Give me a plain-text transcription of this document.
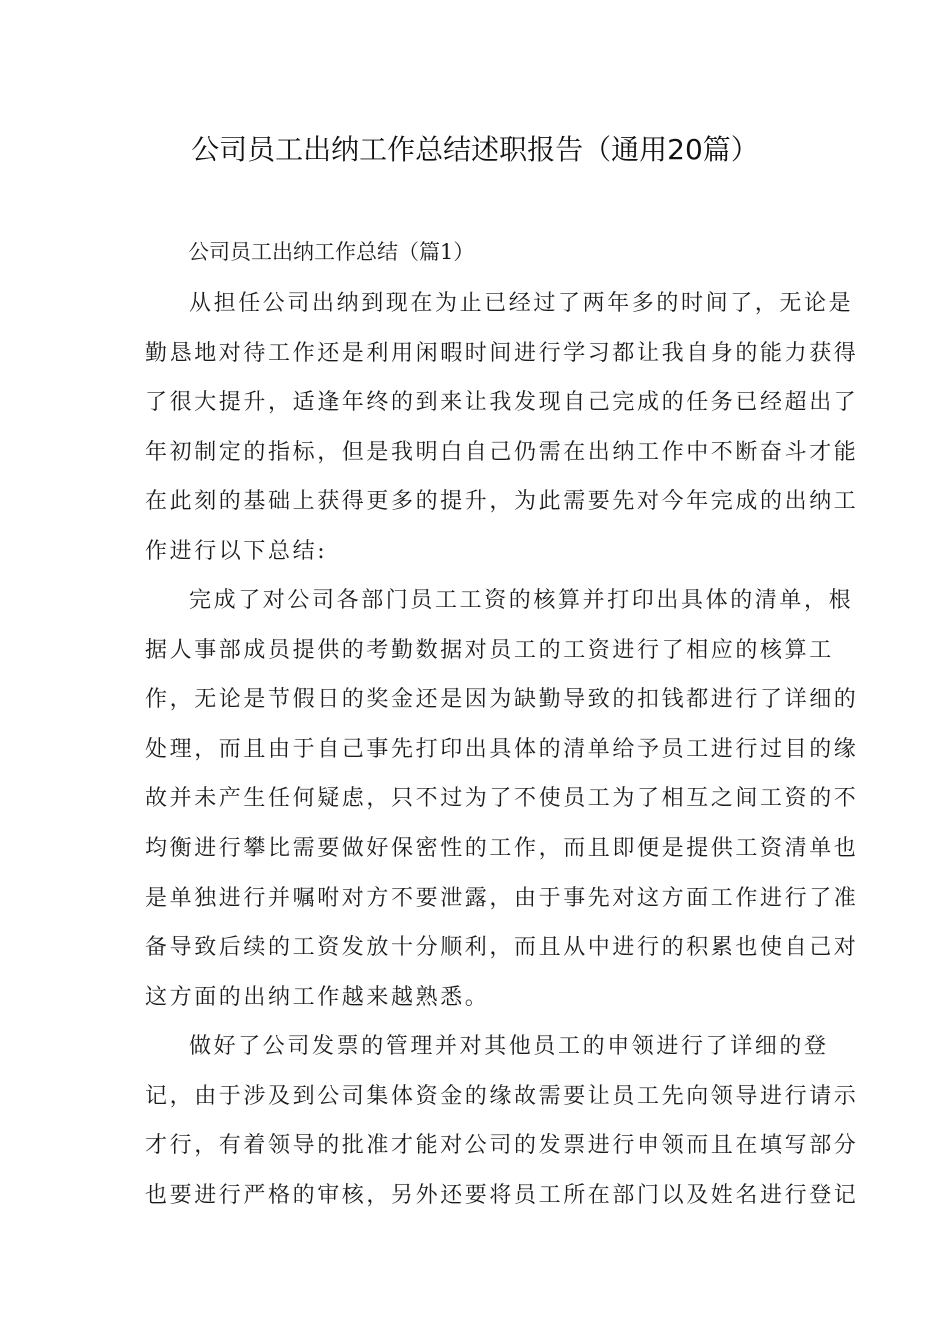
公司员工出纳工作总结述职报告（通用20篇）
公司员工出纳工作总结（篇1）
从担任公司出纳到现在为止已经过了两年多的时间了，无论是
勤恳地对待工作还是利用闲暇时间进行学习都让我自身的能力获得
了很大提升，适逢年终的到来让我发现自己完成的任务已经超出了
年初制定的指标，但是我明白自己仍需在出纳工作中不断奋斗才能
在此刻的基础上获得更多的提升，为此需要先对今年完成的出纳工
作进行以下总结:
完成了对公司各部门员工工资的核算并打印出具体的清单，根
据人事部成员提供的考勤数据对员工的工资进行了相应的核算工
作，无论是节假日的奖金还是因为缺勤导致的扣钱都进行了详细的
处理，而且由于自己事先打印出具体的清单给予员工进行过目的缘
故并未产生任何疑虑，只不过为了不使员工为了相互之间工资的不
均衡进行攀比需要做好保密性的工作，而且即便是提供工资清单也
是单独进行并嘱咐对方不要泄露，由于事先对这方面工作进行了准
备导致后续的工资发放十分顺利，而且从中进行的积累也使自己对
这方面的出纳工作越来越熟悉。
做好了公司发票的管理并对其他员工的申领进行了详细的登
记，由于涉及到公司集体资金的缘故需要让员工先向领导进行请示
才行，有着领导的批准才能对公司的发票进行申领而且在填写部分
也要进行严格的审核，另外还要将员工所在部门以及姓名进行登记
